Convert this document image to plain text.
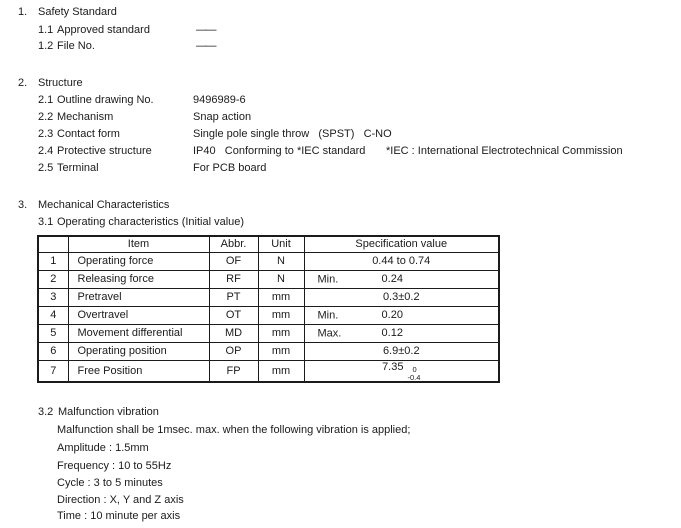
1. Safety Standard
1.1 Approved standard	——
1.2 File No.	——
2. Structure
2.1 Outline drawing No.	9496989-6
2.2 Mechanism	Snap action
2.3 Contact form	Single pole single throw   (SPST)   C-NO
2.4 Protective structure	IP40   Conforming to *IEC standard *IEC : International Electrotechnical Commission
2.5 Terminal	For PCB board
3. Mechanical Characteristics
3.1 Operating characteristics (Initial value)
	Item	Abbr.	Unit	Specification value
1	Operating force	OF	N	0.44 to 0.74
2	Releasing force	RF	N	Min. 0.24
3	Pretravel	PT	mm	0.3±0.2
4	Overtravel	OT	mm	Min. 0.20
5	Movement differential	MD	mm	Max. 0.12
6	Operating position	OP	mm	6.9±0.2
7	Free Position	FP	mm	7.35 0
-0.4
3.2 Malfunction vibration
Malfunction shall be 1msec. max. when the following vibration is applied;
Amplitude : 1.5mm
Frequency : 10 to 55Hz
Cycle : 3 to 5 minutes
Direction : X, Y and Z axis
Time : 10 minute per axis
